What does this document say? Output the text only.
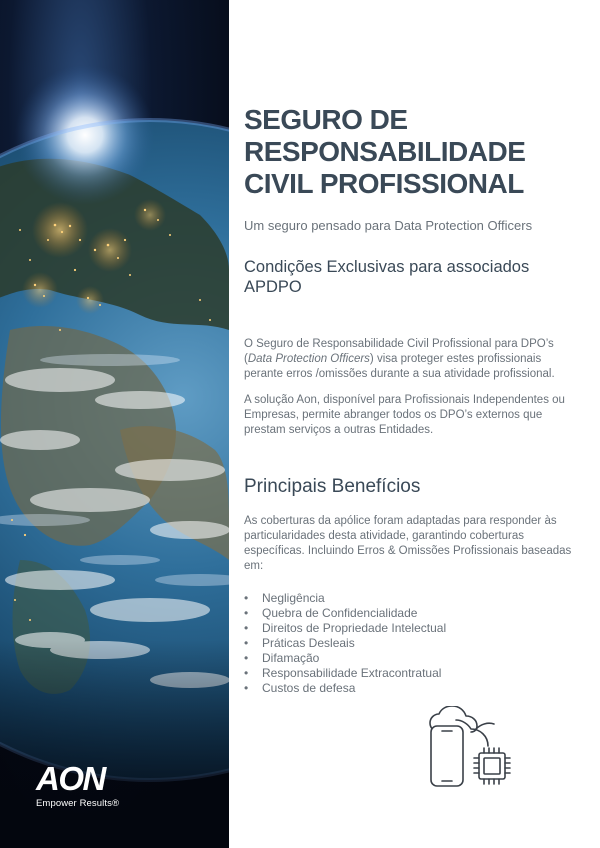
AON
Empower Results®
SEGURO DE
RESPONSABILIDADE
CIVIL PROFISSIONAL

Um seguro pensado para Data Protection Officers

Condições Exclusivas para associados APDPO

O Seguro de Responsabilidade Civil Profissional para DPO’s (Data Protection Officers) visa proteger estes profissionais perante erros /omissões durante a sua atividade profissional.

A solução Aon, disponível para Profissionais Independentes ou Empresas, permite abranger todos os DPO’s externos que prestam serviços a outras Entidades.

Principais Benefícios

As coberturas da apólice foram adaptadas para responder às particularidades desta atividade, garantindo coberturas específicas. Incluindo Erros & Omissões Profissionais baseadas em:

•	Negligência
•	Quebra de Confidencialidade
•	Direitos de Propriedade Intelectual
•	Práticas Desleais
•	Difamação
•	Responsabilidade Extracontratual
•	Custos de defesa
